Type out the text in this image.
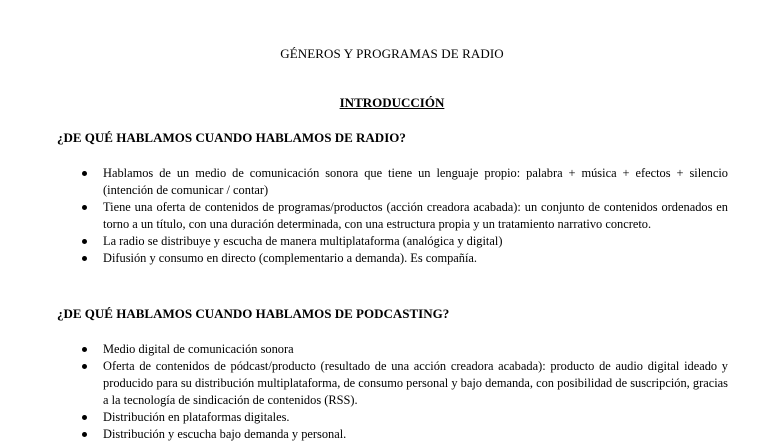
GÉNEROS Y PROGRAMAS DE RADIO
INTRODUCCIÓN
¿DE QUÉ HABLAMOS CUANDO HABLAMOS DE RADIO?
Hablamos de un medio de comunicación sonora que tiene un lenguaje propio: palabra + música + efectos + silencio (intención de comunicar / contar)
Tiene una oferta de contenidos de programas/productos (acción creadora acabada): un conjunto de contenidos ordenados en torno a un título, con una duración determinada, con una estructura propia y un tratamiento narrativo concreto.
La radio se distribuye y escucha de manera multiplataforma (analógica y digital)
Difusión y consumo en directo (complementario a demanda). Es compañía.
¿DE QUÉ HABLAMOS CUANDO HABLAMOS DE PODCASTING?
Medio digital de comunicación sonora
Oferta de contenidos de pódcast/producto (resultado de una acción creadora acabada): producto de audio digital ideado y producido para su distribución multiplataforma, de consumo personal y bajo demanda, con posibilidad de suscripción, gracias a la tecnología de sindicación de contenidos (RSS).
Distribución en plataformas digitales.
Distribución y escucha bajo demanda y personal.
